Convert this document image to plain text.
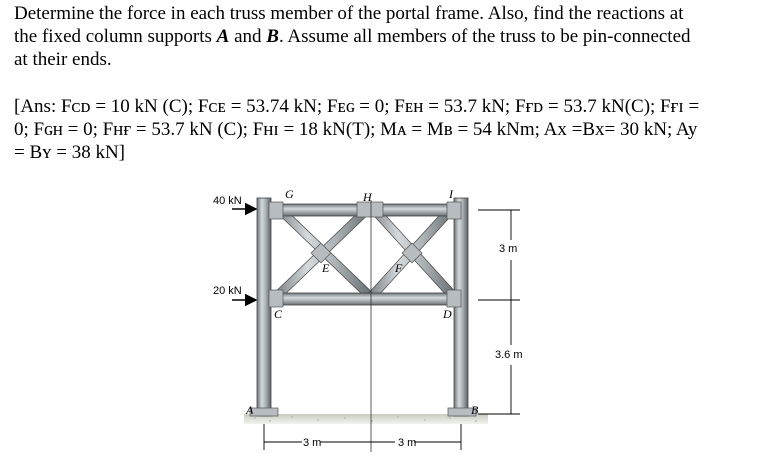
Determine the force in each truss member of the portal frame. Also, find the reactions at
the fixed column supports A and B. Assume all members of the truss to be pin-connected
at their ends.
[Ans: Fᴄᴅ = 10 kN (C); Fᴄᴇ = 53.74 kN; Fᴇɢ = 0; Fᴇʜ = 53.7 kN; Fғᴅ = 53.7 kN(C); Fғɪ =
0; Fɢʜ = 0; Fʜғ = 53.7 kN (C); Fʜɪ = 18 kN(T); Mᴀ = Mʙ = 54 kNm; Aх =Bх= 30 kN; Ay
= Bʏ = 38 kN]
40 kN
20 kN
G	H	I
E	F
C	D
A	B
3 m
3.6 m
3 m	3 m
